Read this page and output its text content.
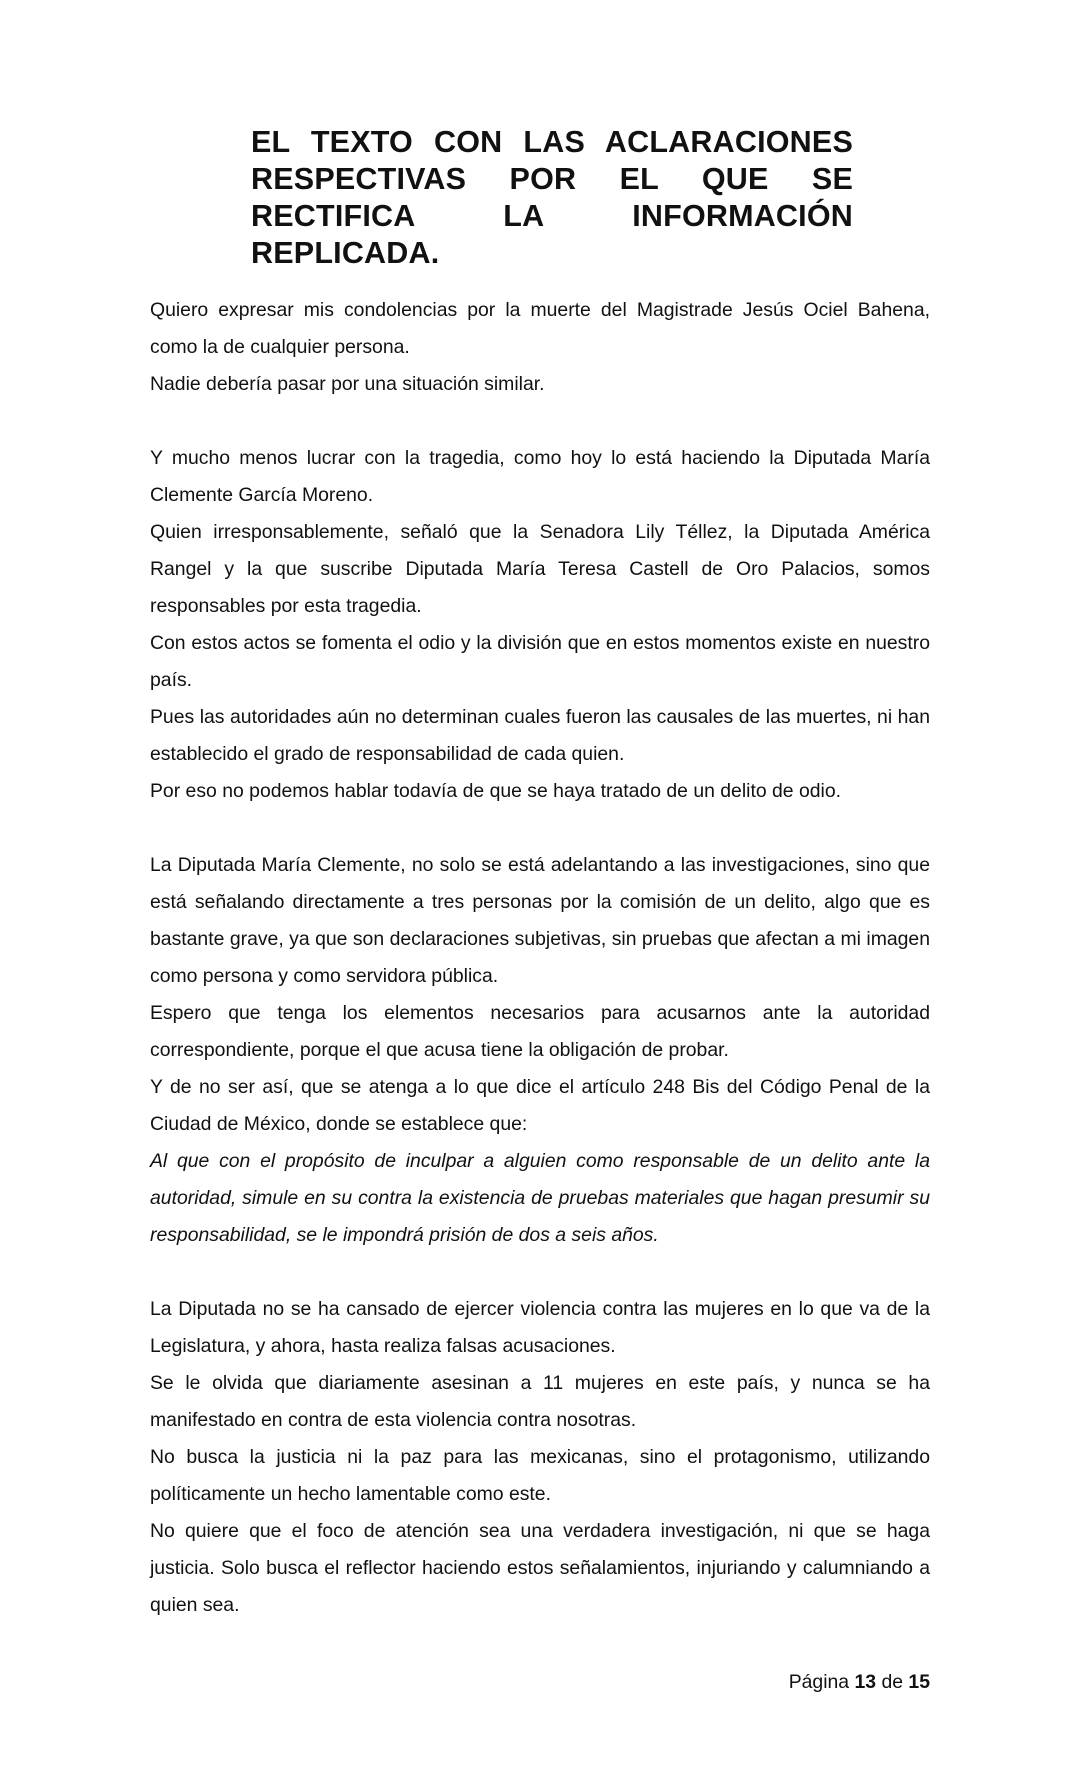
EL TEXTO CON LAS ACLARACIONES
RESPECTIVAS POR EL QUE SE
RECTIFICA LA INFORMACIÓN
REPLICADA.

Quiero expresar mis condolencias por la muerte del Magistrade Jesús Ociel Bahena, como la de cualquier persona.

Nadie debería pasar por una situación similar.

Y mucho menos lucrar con la tragedia, como hoy lo está haciendo la Diputada María Clemente García Moreno.

Quien irresponsablemente, señaló que la Senadora Lily Téllez, la Diputada América Rangel y la que suscribe Diputada María Teresa Castell de Oro Palacios, somos responsables por esta tragedia.

Con estos actos se fomenta el odio y la división que en estos momentos existe en nuestro país.

Pues las autoridades aún no determinan cuales fueron las causales de las muertes, ni han establecido el grado de responsabilidad de cada quien.

Por eso no podemos hablar todavía de que se haya tratado de un delito de odio.

La Diputada María Clemente, no solo se está adelantando a las investigaciones, sino que está señalando directamente a tres personas por la comisión de un delito, algo que es bastante grave, ya que son declaraciones subjetivas, sin pruebas que afectan a mi imagen como persona y como servidora pública.

Espero que tenga los elementos necesarios para acusarnos ante la autoridad correspondiente, porque el que acusa tiene la obligación de probar.

Y de no ser así, que se atenga a lo que dice el artículo 248 Bis del Código Penal de la Ciudad de México, donde se establece que:

Al que con el propósito de inculpar a alguien como responsable de un delito ante la autoridad, simule en su contra la existencia de pruebas materiales que hagan presumir su responsabilidad, se le impondrá prisión de dos a seis años.

La Diputada no se ha cansado de ejercer violencia contra las mujeres en lo que va de la Legislatura, y ahora, hasta realiza falsas acusaciones.

Se le olvida que diariamente asesinan a 11 mujeres en este país, y nunca se ha manifestado en contra de esta violencia contra nosotras.

No busca la justicia ni la paz para las mexicanas, sino el protagonismo, utilizando políticamente un hecho lamentable como este.

No quiere que el foco de atención sea una verdadera investigación, ni que se haga justicia. Solo busca el reflector haciendo estos señalamientos, injuriando y calumniando a quien sea.

Página 13 de 15
